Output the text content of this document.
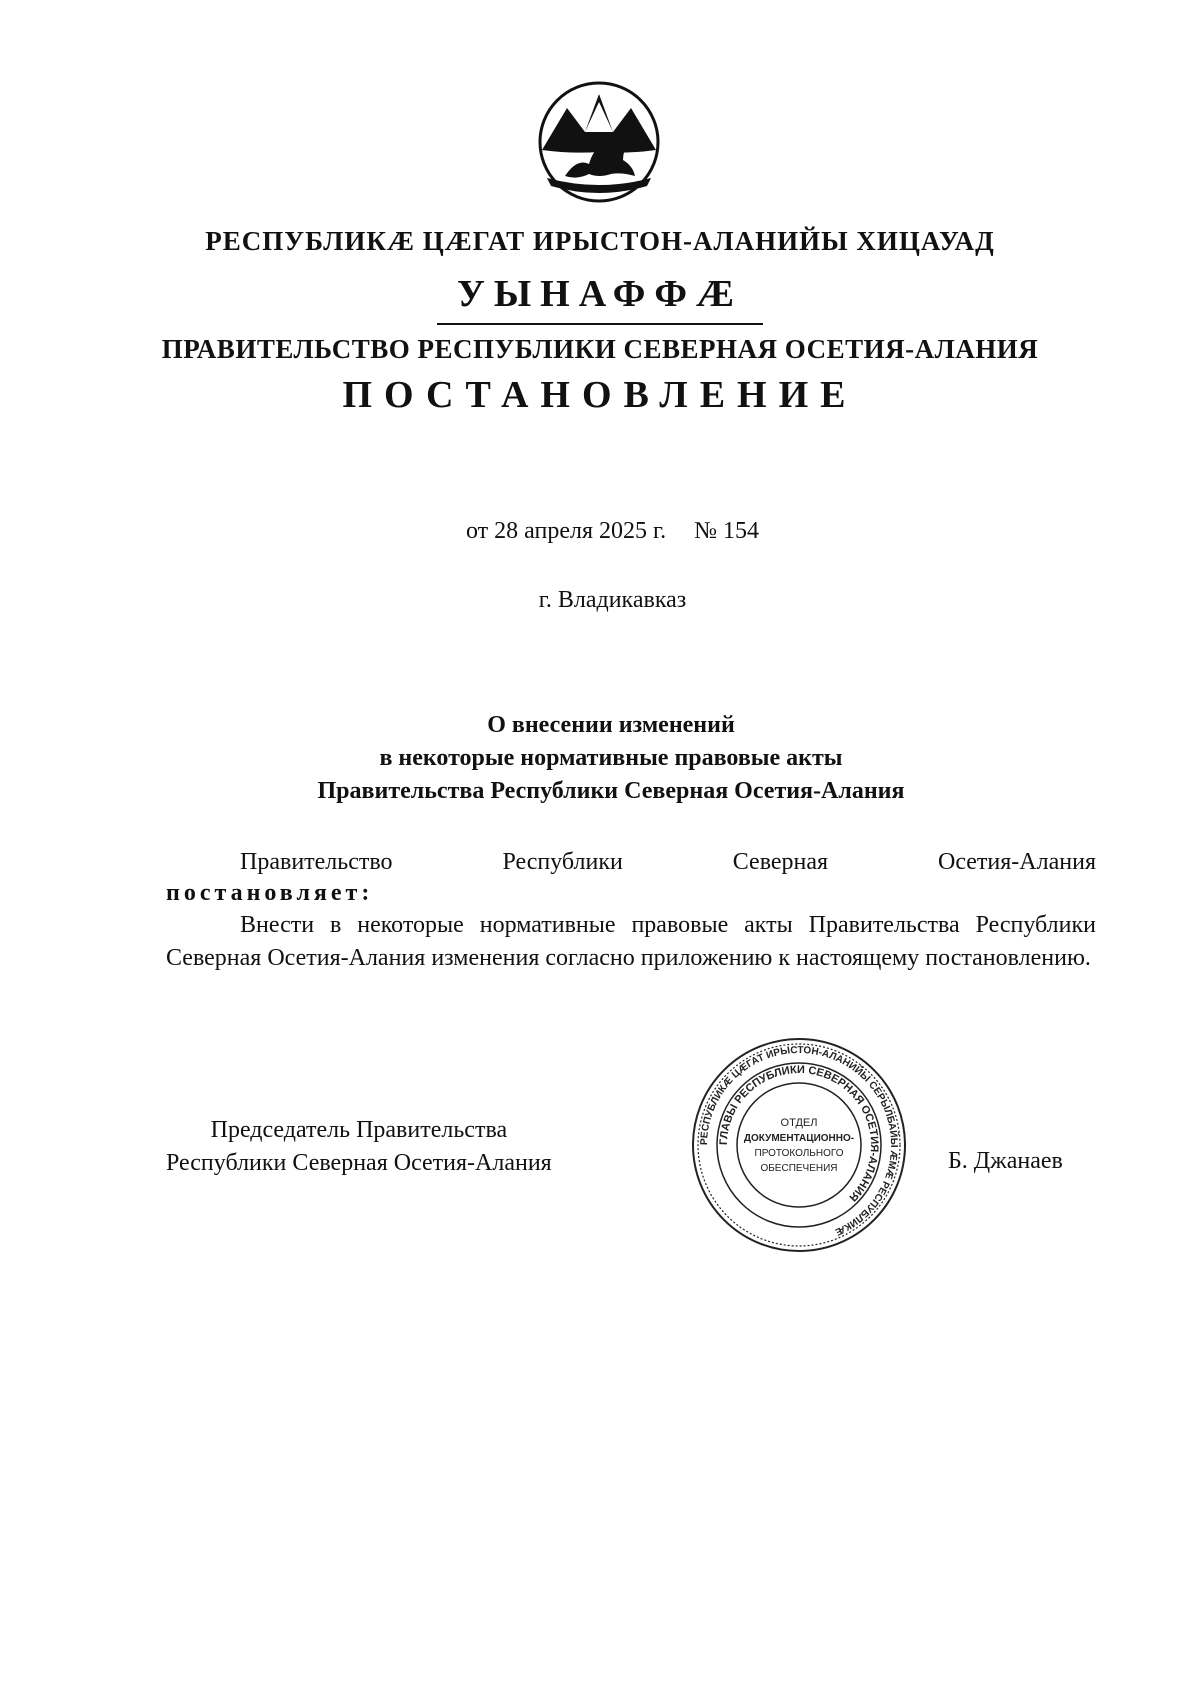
РЕСПУБЛИКÆ ЦÆГАТ ИРЫСТОН-АЛАНИЙЫ ХИЦАУАД
УЫНАФФÆ
ПРАВИТЕЛЬСТВО РЕСПУБЛИКИ СЕВЕРНАЯ ОСЕТИЯ-АЛАНИЯ
ПОСТАНОВЛЕНИЕ
от 28 апреля 2025 г. № 154
г. Владикавказ
О внесении изменений
в некоторые нормативные правовые акты
Правительства Республики Северная Осетия-Алания
Правительство	Республики	Северная	Осетия-Алания
постановляет:
Внести в некоторые нормативные правовые акты Правительства Республики Северная Осетия-Алания изменения согласно приложению к настоящему постановлению.
Председатель Правительства
Республики Северная Осетия-Алания
РЕСПУБЛИКÆ ЦÆГАТ ИРЫСТОН-АЛАНИЙЫ СЕРЫЛБАЙЫ ÆМÆ РЕСПУБЛИКÆ
ГЛАВЫ РЕСПУБЛИКИ СЕВЕРНАЯ ОСЕТИЯ-АЛАНИЯ
ОТДЕЛ
ДОКУМЕНТАЦИОННО-
ПРОТОКОЛЬНОГО
ОБЕСПЕЧЕНИЯ	Б. Джанаев
